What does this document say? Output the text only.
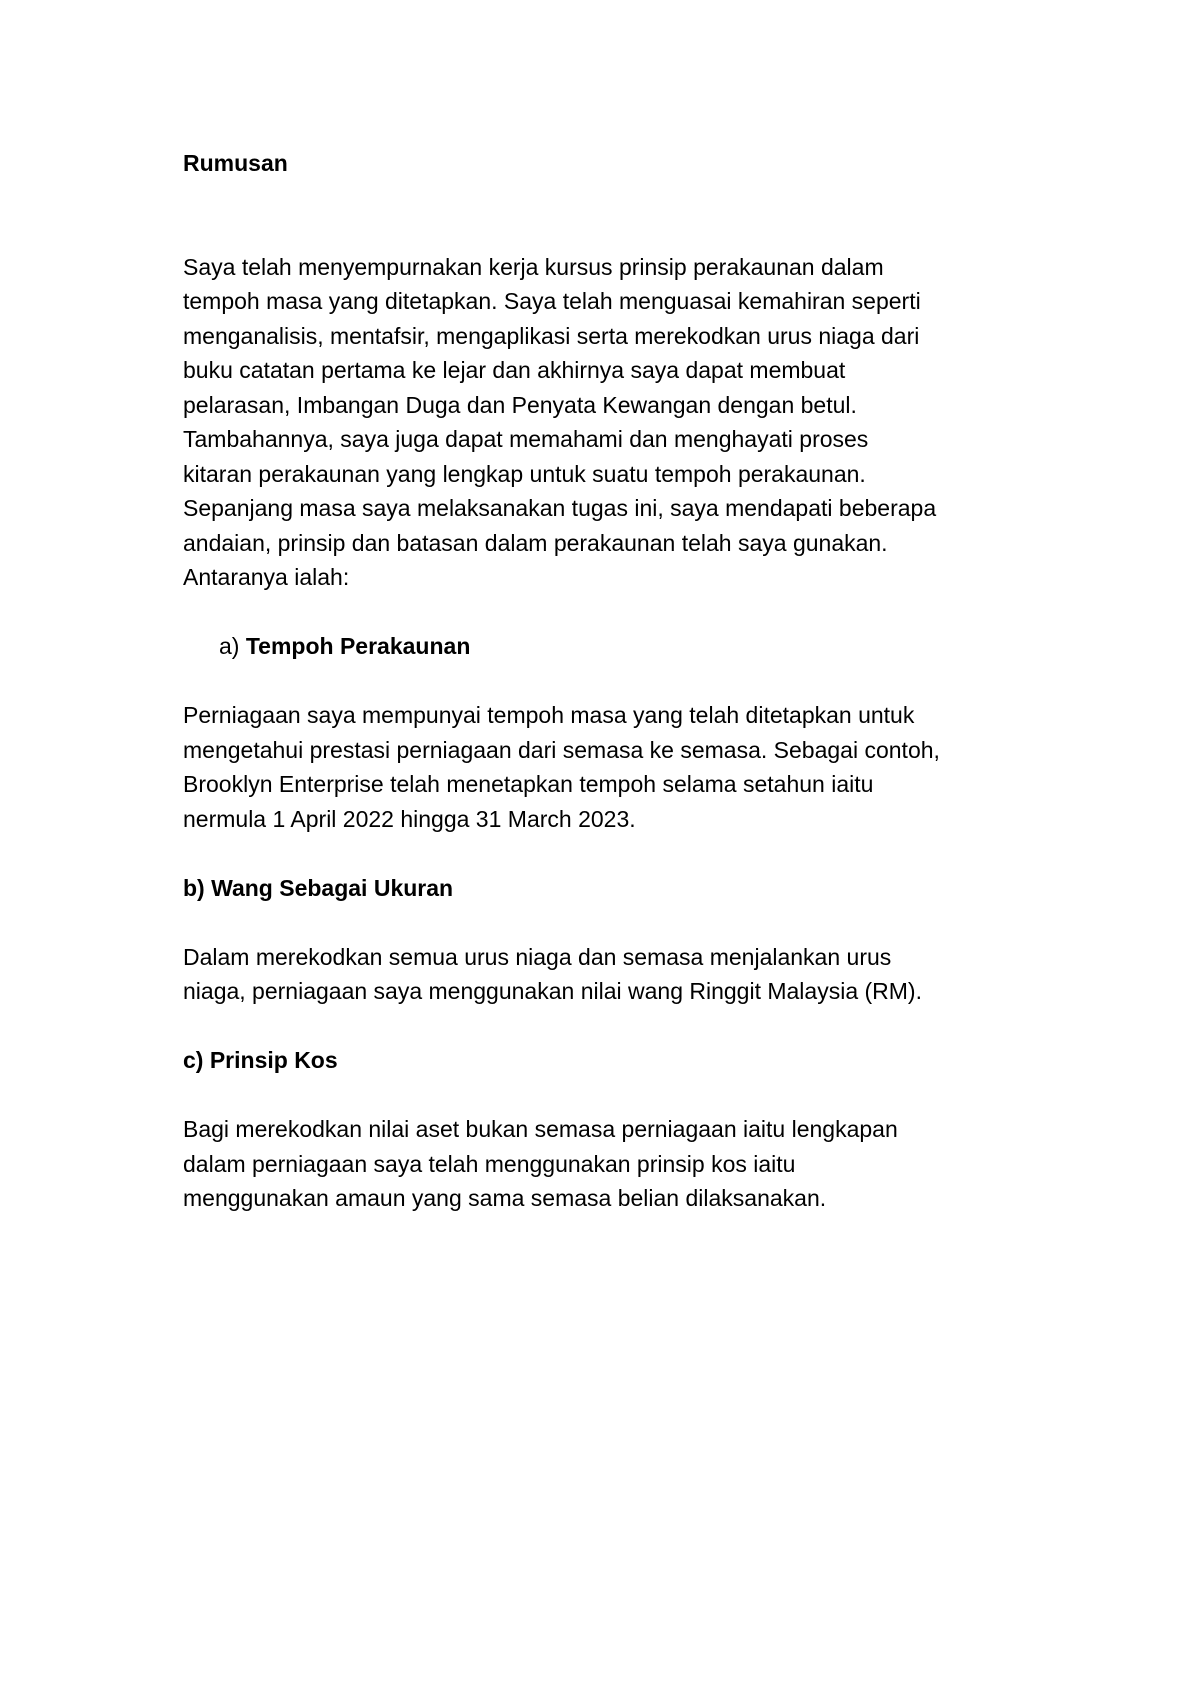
Rumusan

Saya telah menyempurnakan kerja kursus prinsip perakaunan dalam

tempoh masa yang ditetapkan. Saya telah menguasai kemahiran seperti

menganalisis, mentafsir, mengaplikasi serta merekodkan urus niaga dari

buku catatan pertama ke lejar dan akhirnya saya dapat membuat

pelarasan, Imbangan Duga dan Penyata Kewangan dengan betul.

Tambahannya, saya juga dapat memahami dan menghayati proses

kitaran perakaunan yang lengkap untuk suatu tempoh perakaunan.

Sepanjang masa saya melaksanakan tugas ini, saya mendapati beberapa

andaian, prinsip dan batasan dalam perakaunan telah saya gunakan.

Antaranya ialah:

a) Tempoh Perakaunan

Perniagaan saya mempunyai tempoh masa yang telah ditetapkan untuk

mengetahui prestasi perniagaan dari semasa ke semasa. Sebagai contoh,

Brooklyn Enterprise telah menetapkan tempoh selama setahun iaitu

nermula 1 April 2022 hingga 31 March 2023.

b) Wang Sebagai Ukuran

Dalam merekodkan semua urus niaga dan semasa menjalankan urus

niaga, perniagaan saya menggunakan nilai wang Ringgit Malaysia (RM).

c) Prinsip Kos

Bagi merekodkan nilai aset bukan semasa perniagaan iaitu lengkapan

dalam perniagaan saya telah menggunakan prinsip kos iaitu

menggunakan amaun yang sama semasa belian dilaksanakan.
